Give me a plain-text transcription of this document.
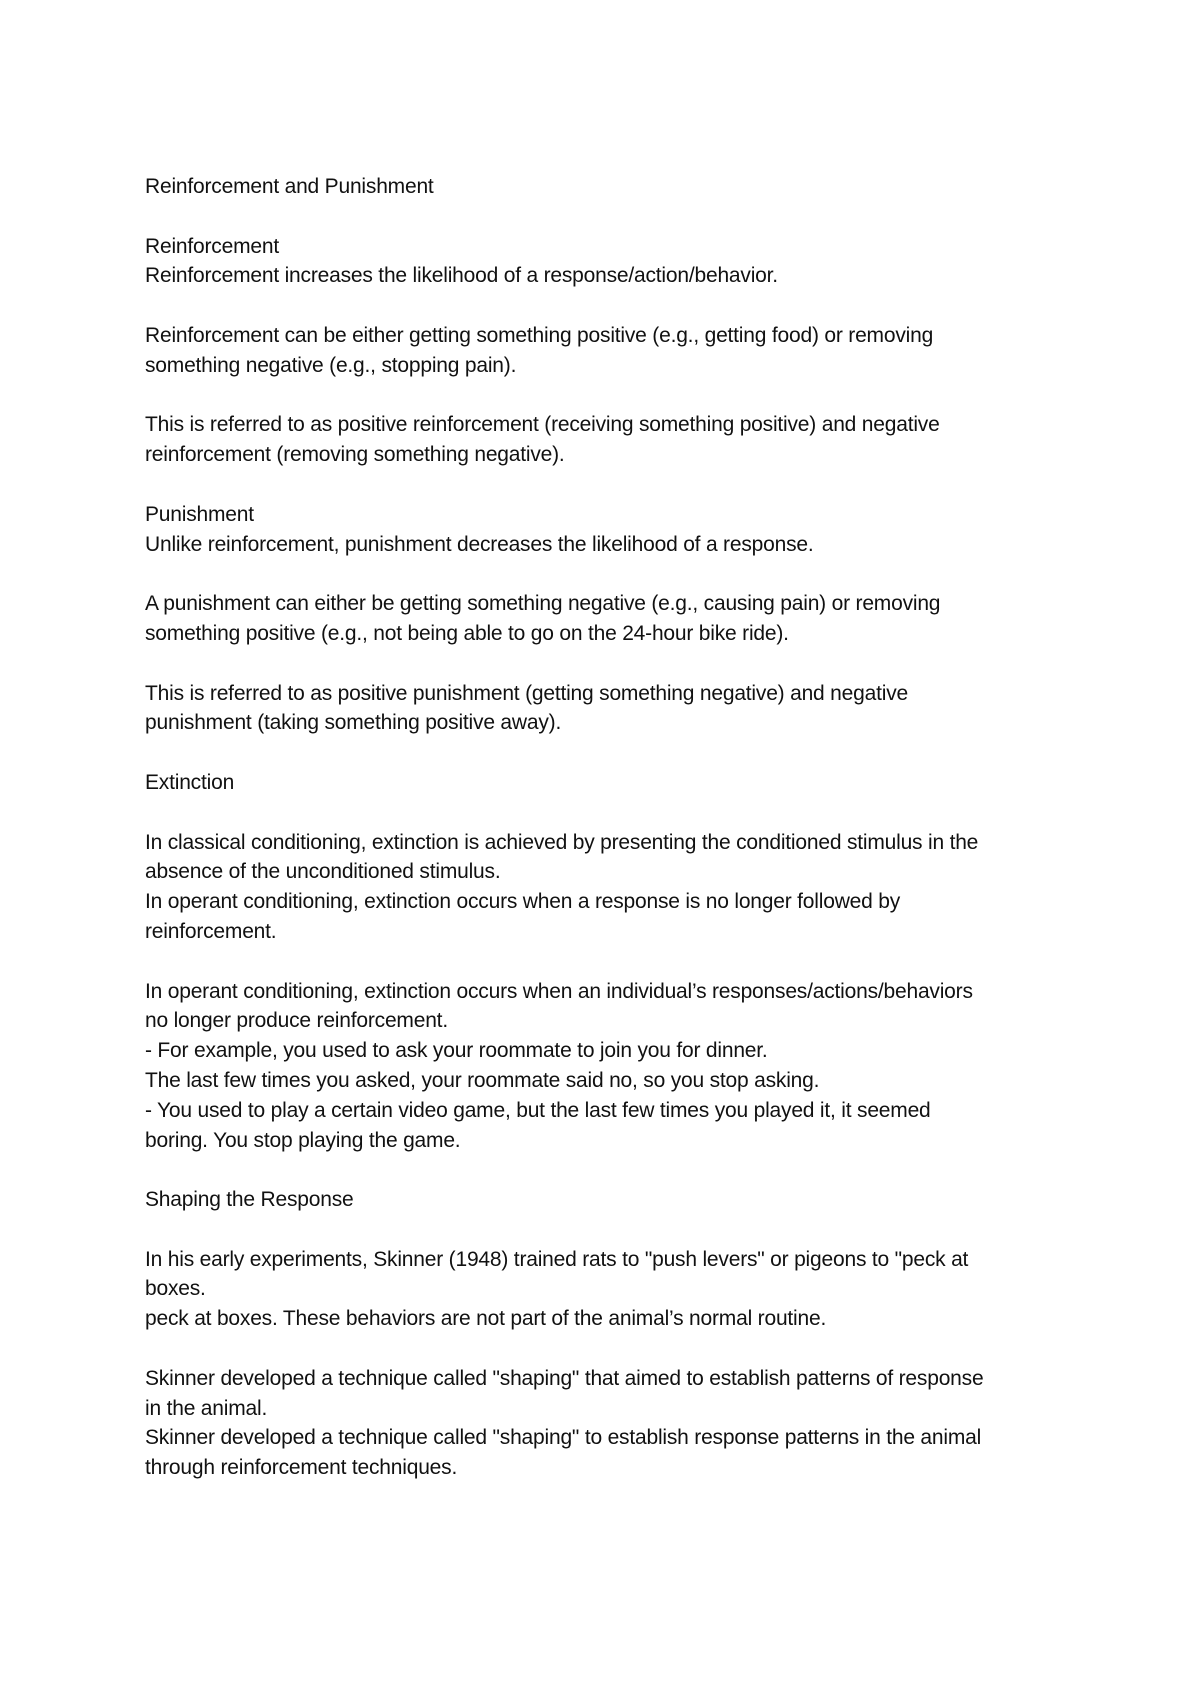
Reinforcement and Punishment
Reinforcement
Reinforcement increases the likelihood of a response/action/behavior.
Reinforcement can be either getting something positive (e.g., getting food) or removing
something negative (e.g., stopping pain).
This is referred to as positive reinforcement (receiving something positive) and negative
reinforcement (removing something negative).
Punishment
Unlike reinforcement, punishment decreases the likelihood of a response.
A punishment can either be getting something negative (e.g., causing pain) or removing
something positive (e.g., not being able to go on the 24-hour bike ride).
This is referred to as positive punishment (getting something negative) and negative
punishment (taking something positive away).
Extinction
In classical conditioning, extinction is achieved by presenting the conditioned stimulus in the
absence of the unconditioned stimulus.
In operant conditioning, extinction occurs when a response is no longer followed by
reinforcement.
In operant conditioning, extinction occurs when an individual’s responses/actions/behaviors
no longer produce reinforcement.
- For example, you used to ask your roommate to join you for dinner.
The last few times you asked, your roommate said no, so you stop asking.
- You used to play a certain video game, but the last few times you played it, it seemed
boring. You stop playing the game.
Shaping the Response
In his early experiments, Skinner (1948) trained rats to "push levers" or pigeons to "peck at
boxes.
peck at boxes. These behaviors are not part of the animal’s normal routine.
Skinner developed a technique called "shaping" that aimed to establish patterns of response
in the animal.
Skinner developed a technique called "shaping" to establish response patterns in the animal
through reinforcement techniques.
